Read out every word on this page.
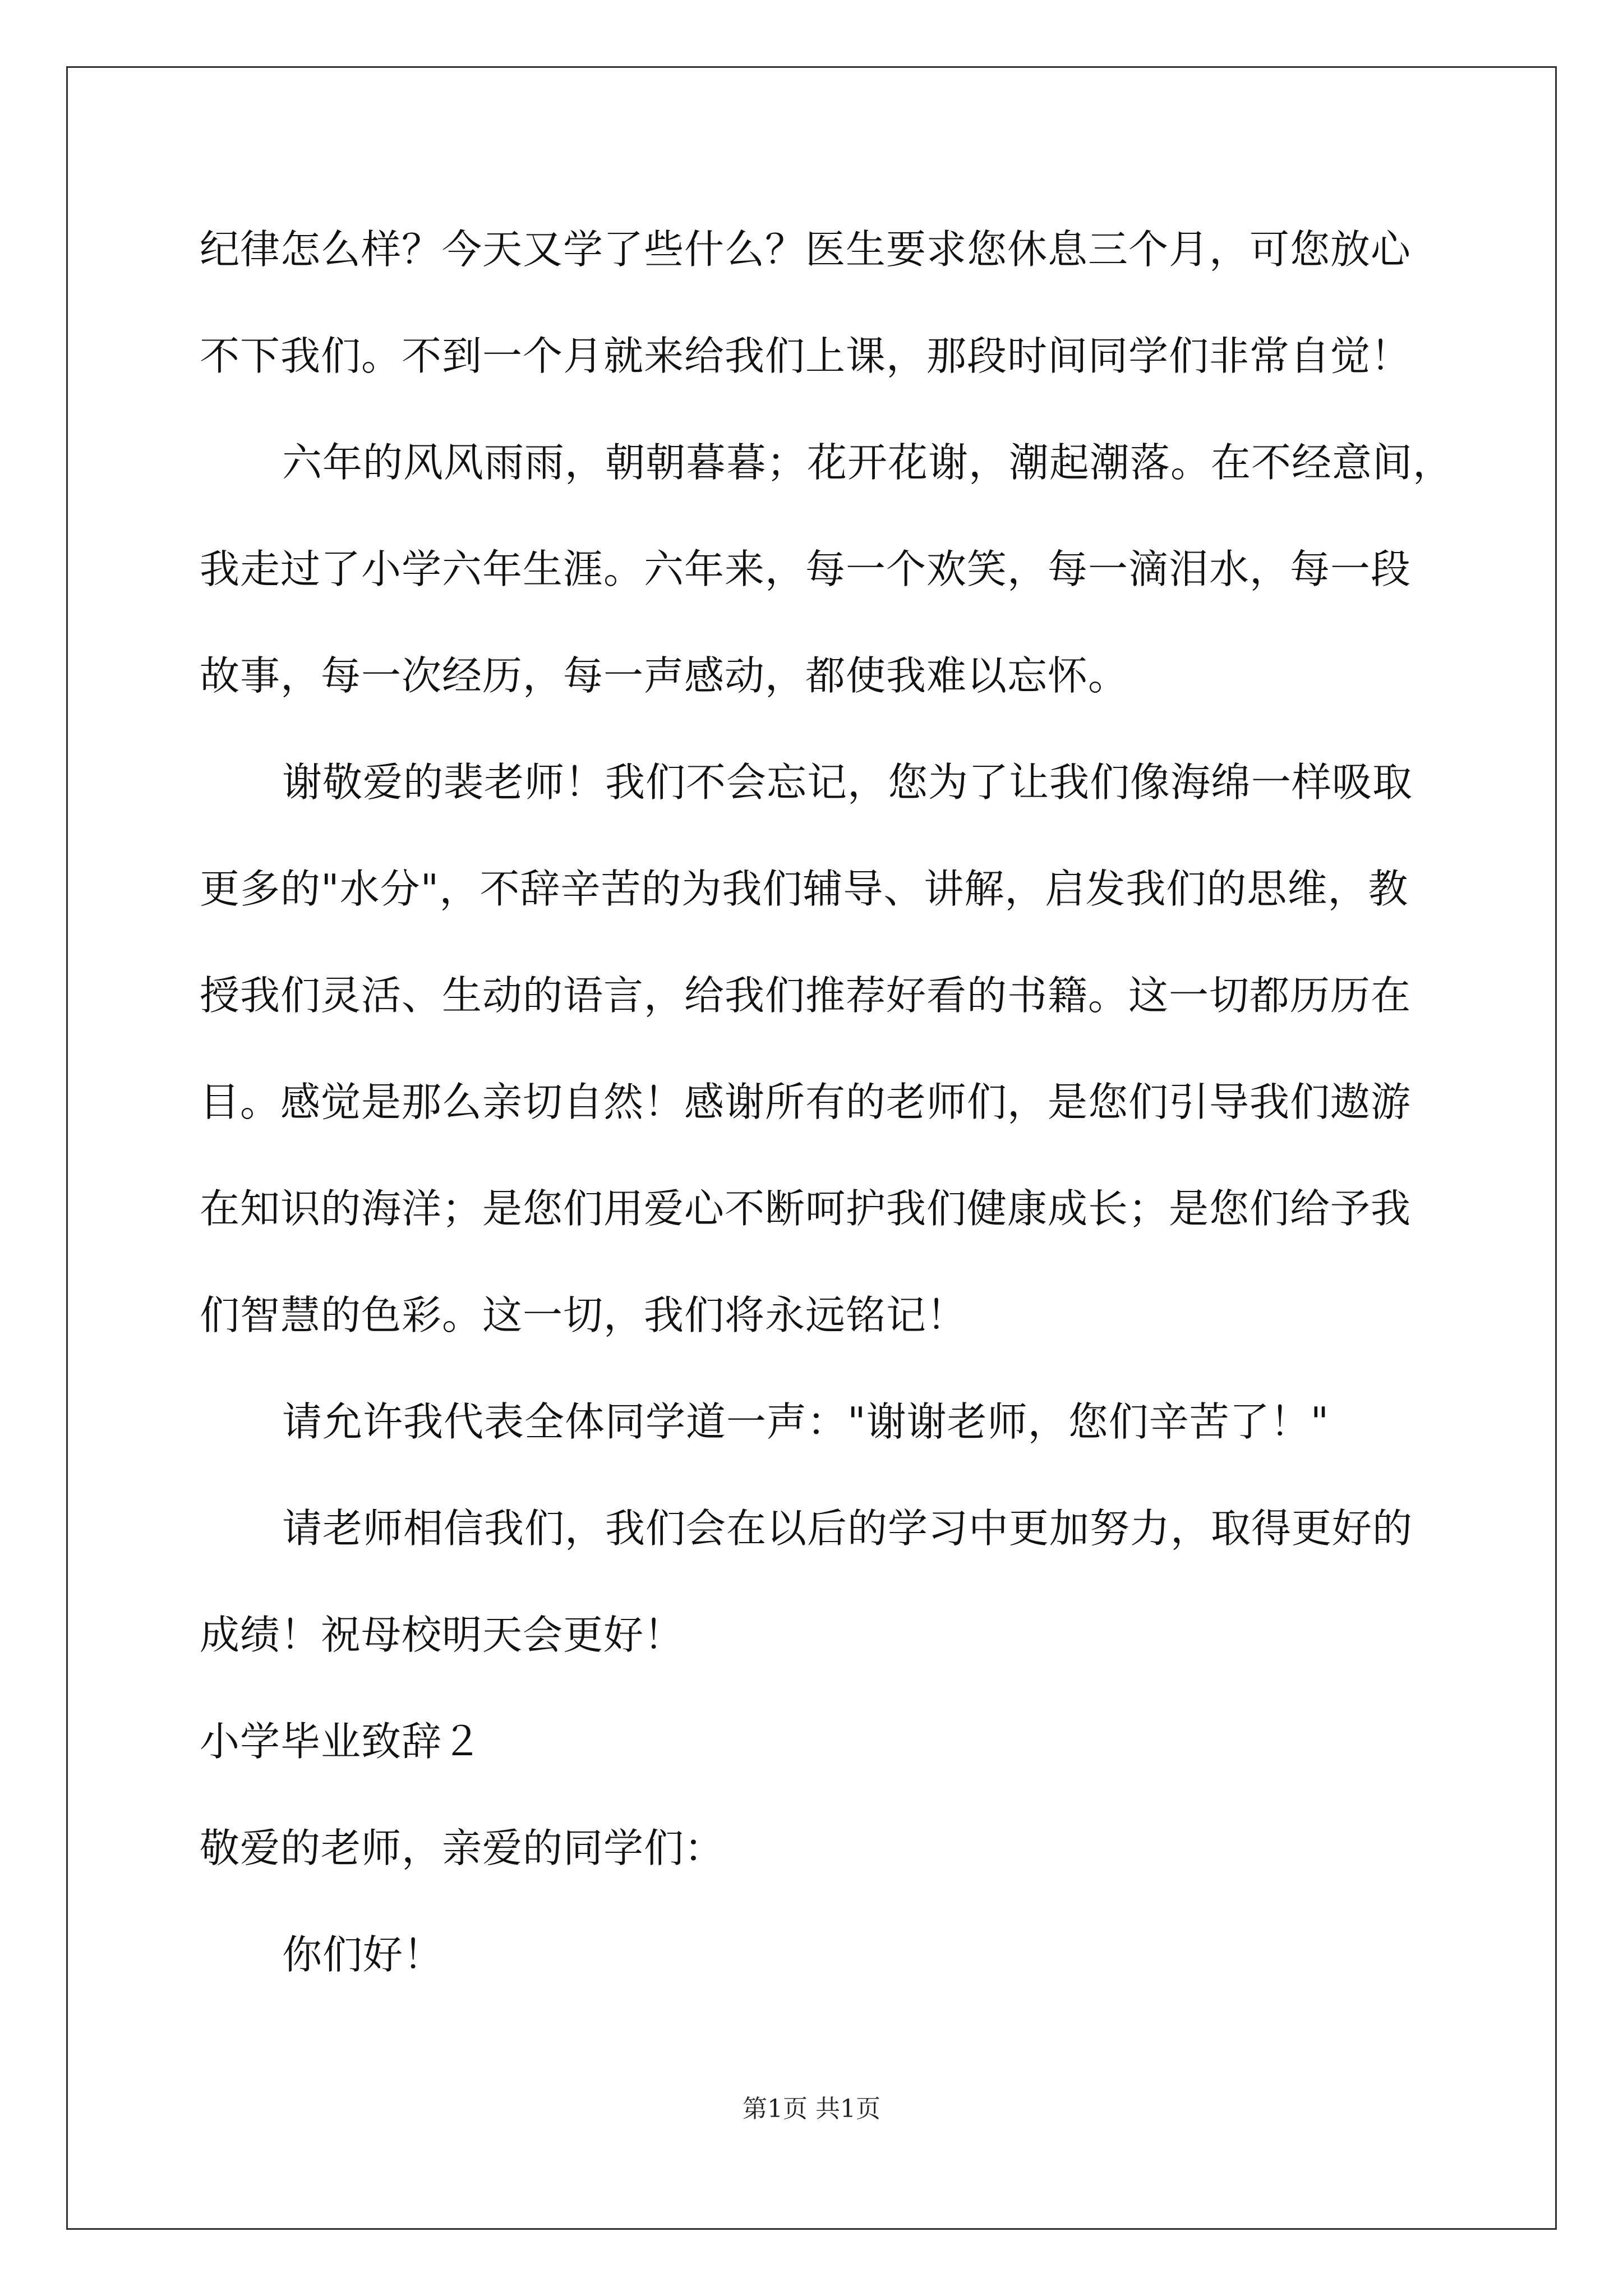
纪律怎么样？今天又学了些什么？医生要求您休息三个月，可您放心
不下我们。不到一个月就来给我们上课，那段时间同学们非常自觉！
六年的风风雨雨，朝朝暮暮；花开花谢，潮起潮落。在不经意间，
我走过了小学六年生涯。六年来，每一个欢笑，每一滴泪水，每一段
故事，每一次经历，每一声感动，都使我难以忘怀。
谢敬爱的裴老师！我们不会忘记，您为了让我们像海绵一样吸取
更多的"水分"，不辞辛苦的为我们辅导、讲解，启发我们的思维，教
授我们灵活、生动的语言，给我们推荐好看的书籍。这一切都历历在
目。感觉是那么亲切自然！感谢所有的老师们，是您们引导我们遨游
在知识的海洋；是您们用爱心不断呵护我们健康成长；是您们给予我
们智慧的色彩。这一切，我们将永远铭记！
请允许我代表全体同学道一声："谢谢老师，您们辛苦了！"
请老师相信我们，我们会在以后的学习中更加努力，取得更好的
成绩！祝母校明天会更好！
小学毕业致辞２
敬爱的老师，亲爱的同学们：
你们好！
第1页 共1页
